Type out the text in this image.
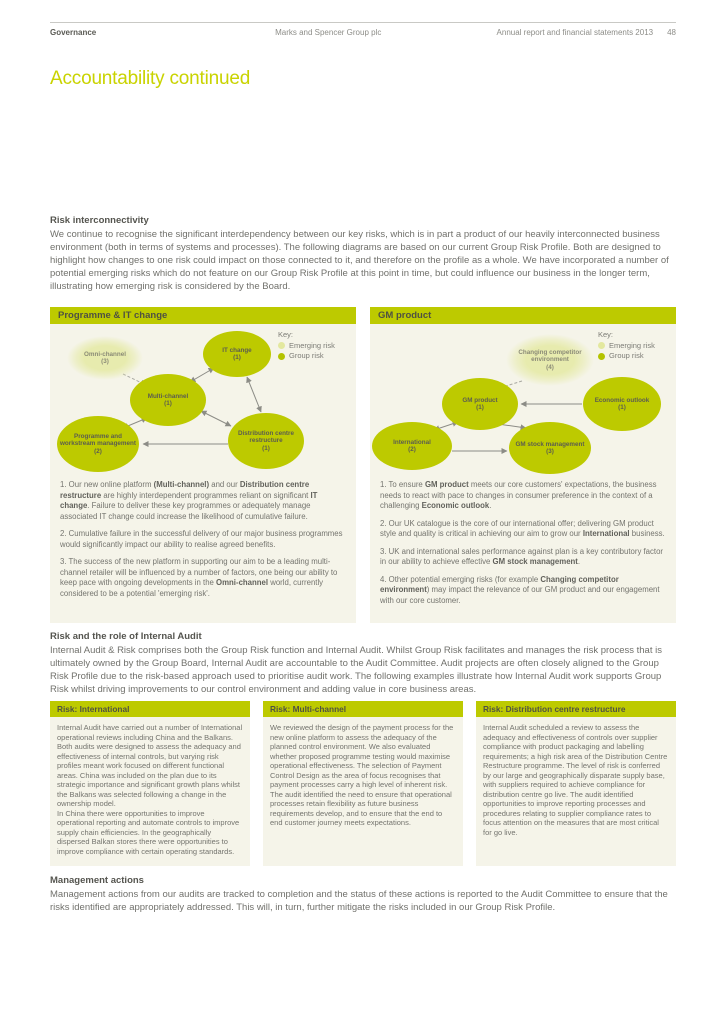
Governance	Marks and Spencer Group plc	Annual report and financial statements 2013 48
Accountability continued
Risk interconnectivity
We continue to recognise the significant interdependency between our key risks, which is in part a product of our heavily interconnected business environment (both in terms of systems and processes). The following diagrams are based on our current Group Risk Profile. Both are designed to highlight how changes to one risk could impact on those connected to it, and therefore on the profile as a whole. We have incorporated a number of potential emerging risks which do not feature on our Group Risk Profile at this point in time, but could influence our business in the longer term, illustrating how emerging risk is considered by the Board.
Programme & IT change
Omni-channel
(3)
IT change
(1)
Multi-channel
(1)
Programme and workstream management
(2)
Distribution centre restructure
(1)
Key:
Emerging risk
Group risk

1. Our new online platform (Multi-channel) and our Distribution centre restructure are highly interdependent programmes reliant on significant IT change. Failure to deliver these key programmes or adequately manage associated IT change could increase the likelihood of cumulative failure.

2. Cumulative failure in the successful delivery of our major business programmes would significantly impact our ability to realise agreed benefits.

3. The success of the new platform in supporting our aim to be a leading multi-channel retailer will be influenced by a number of factors, one being our ability to keep pace with ongoing developments in the Omni-channel world, currently considered to be a potential 'emerging risk'.

GM product
Changing competitor environment
(4)
GM product
(1)
Economic outlook
(1)
International
(2)
GM stock management
(3)
Key:
Emerging risk
Group risk

1. To ensure GM product meets our core customers' expectations, the business needs to react with pace to changes in consumer preference in the context of a challenging Economic outlook.

2. Our UK catalogue is the core of our international offer; delivering GM product style and quality is critical in achieving our aim to grow our International business.

3. UK and international sales performance against plan is a key contributory factor in our ability to achieve effective GM stock management.

4. Other potential emerging risks (for example Changing competitor environment) may impact the relevance of our GM product and our engagement with our core customer.

Risk and the role of Internal Audit
Internal Audit & Risk comprises both the Group Risk function and Internal Audit. Whilst Group Risk facilitates and manages the risk process that is ultimately owned by the Group Board, Internal Audit are accountable to the Audit Committee. Audit projects are often closely aligned to the Group Risk Profile due to the risk-based approach used to prioritise audit work. The following examples illustrate how Internal Audit work supports Group Risk whilst driving improvements to our control environment and adding value in core business areas.
Risk: International
Internal Audit have carried out a number of International operational reviews including China and the Balkans. Both audits were designed to assess the adequacy and effectiveness of internal controls, but varying risk profiles meant work focused on different functional areas. China was included on the plan due to its strategic importance and significant growth plans whilst the Balkans was selected following a change in the ownership model.
In China there were opportunities to improve operational reporting and automate controls to improve supply chain efficiencies. In the geographically dispersed Balkan stores there were opportunities to improve compliance with certain operating standards.
Risk: Multi-channel
We reviewed the design of the payment process for the new online platform to assess the adequacy of the planned control environment. We also evaluated whether proposed programme testing would maximise operational effectiveness. The selection of Payment Control Design as the area of focus recognises that payment processes carry a high level of inherent risk. The audit identified the need to ensure that operational processes retain flexibility as future business requirements develop, and to ensure that the end to end customer journey meets expectations.
Risk: Distribution centre restructure
Internal Audit scheduled a review to assess the adequacy and effectiveness of controls over supplier compliance with product packaging and labelling requirements; a high risk area of the Distribution Centre Restructure programme. The level of risk is conferred by our large and geographically disparate supply base, with suppliers required to achieve compliance for distribution centre go live. The audit identified opportunities to improve reporting processes and procedures relating to supplier compliance rates to focus attention on the measures that are most critical for go live.
Management actions
Management actions from our audits are tracked to completion and the status of these actions is reported to the Audit Committee to ensure that the risks identified are appropriately addressed. This will, in turn, further mitigate the risks included in our Group Risk Profile.
